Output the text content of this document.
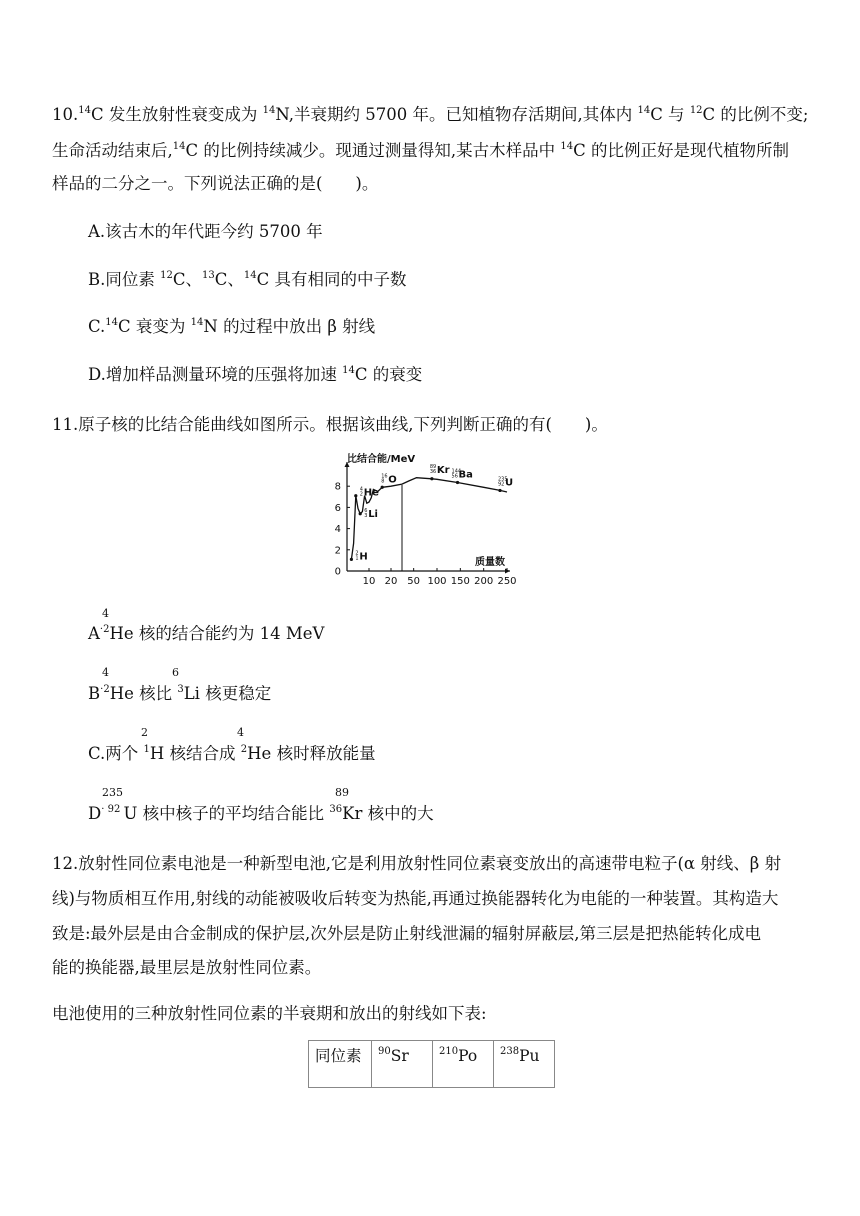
10.14C 发生放射性衰变成为 $^{14}$N,半衰期约 5700 年。已知植物存活期间,其体内 $^{14}$C 与 $^{12}$C 的比例不变;
生命活动结束后,$^{14}$C 的比例持续减少。现通过测量得知,某古木样品中 $^{14}$C 的比例正好是现代植物所制
样品的二分之一。下列说法正确的是(　　)。
A.该古木的年代距今约 5700 年
B.同位素 $^{12}$C、$^{13}$C、$^{14}$C 具有相同的中子数
C.$^{14}$C 衰变为 $^{14}$N 的过程中放出 β 射线
D.增加样品测量环境的压强将加速 $^{14}$C 的衰变
11.原子核的比结合能曲线如图所示。根据该曲线,下列判断正确的有(　　)。
比结合能/MeV
0
2
4
6
8
10 20 50 100 150 200 250
质量数
2
1 H
4
2 He
6
3 Li
16
8 O
89
36 Kr 144
56 Ba	235
92 U
4
$A^{\cdot 2}He$ 核的结合能约为 14 MeV
4	6
$B^{\cdot 2}He$ 核比 $^3$Li 核更稳定
2	4
C.两个 $^1$H 核结合成 $^2$He 核时释放能量
235	89
$D^{\cdot 92}$ U 核中核子的平均结合能比 $^{36}$Kr 核中的大
12.放射性同位素电池是一种新型电池,它是利用放射性同位素衰变放出的高速带电粒子(α 射线、β 射
线)与物质相互作用,射线的动能被吸收后转变为热能,再通过换能器转化为电能的一种装置。其构造大
致是:最外层是由合金制成的保护层,次外层是防止射线泄漏的辐射屏蔽层,第三层是把热能转化成电
能的换能器,最里层是放射性同位素。
电池使用的三种放射性同位素的半衰期和放出的射线如下表:
同位素	$^{90}$Sr	$^{210}$Po	$^{238}$Pu
